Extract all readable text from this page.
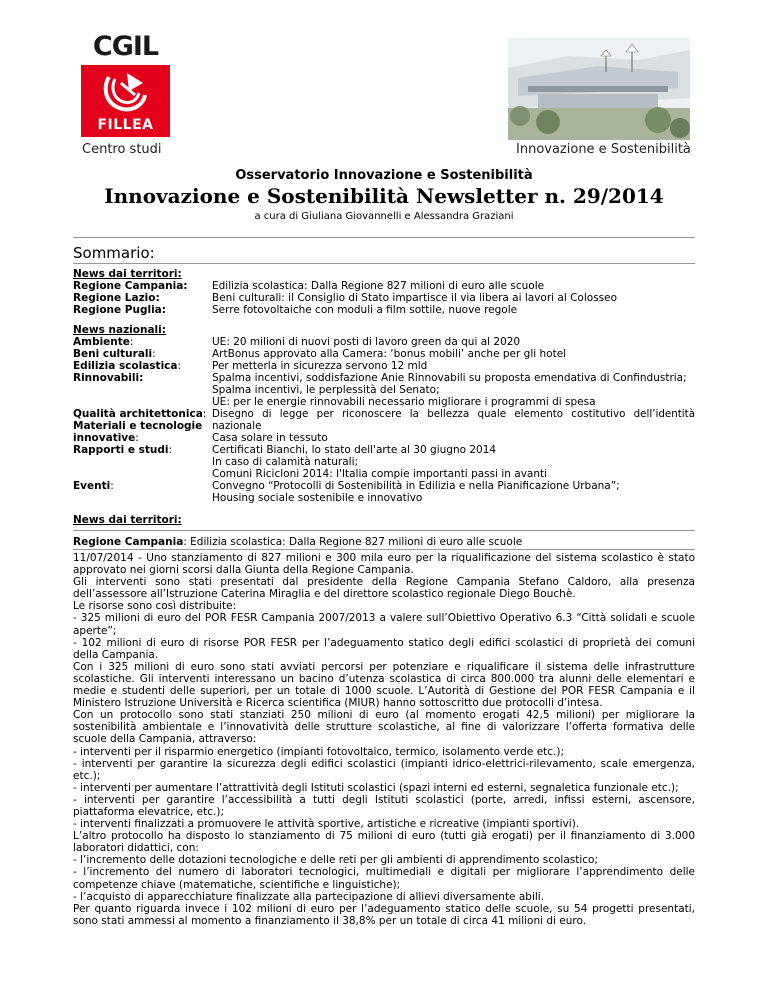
CGIL
FILLEA
Centro studi	Innovazione e Sostenibilità
Osservatorio Innovazione e Sostenibilità
Innovazione e Sostenibilità Newsletter n. 29/2014
a cura di Giuliana Giovannelli e Alessandra Graziani
Sommario:
News dai territori:
Regione Campania: Edilizia scolastica: Dalla Regione 827 milioni di euro alle scuole
Regione Lazio:	Beni culturali: il Consiglio di Stato impartisce il via libera ai lavori al Colosseo
Regione Puglia:	Serre fotovoltaiche con moduli a film sottile, nuove regole
News nazionali:
Ambiente:	UE: 20 milioni di nuovi posti di lavoro green da qui al 2020
Beni culturali:	ArtBonus approvato alla Camera: ‘bonus mobili’ anche per gli hotel
Edilizia scolastica:	Per metterla in sicurezza servono 12 mld
Rinnovabili:	Spalma incentivi, soddisfazione Anie Rinnovabili su proposta emendativa di Confindustria;
Spalma incentivi, le perplessità del Senato;
UE: per le energie rinnovabili necessario migliorare i programmi di spesa
Qualità architettonica: Disegno di legge per riconoscere la bellezza quale elemento costitutivo dell’identità nazionale
Materiali e tecnologie
innovative:	Casa solare in tessuto
Rapporti e studi:	Certificati Bianchi, lo stato dell'arte al 30 giugno 2014
In caso di calamità naturali;
Comuni Ricicloni 2014: l'Italia compie importanti passi in avanti
Eventi:	Convegno “Protocolli di Sostenibilità in Edilizia e nella Pianificazione Urbana”;
Housing sociale sostenibile e innovativo
News dai territori:
Regione Campania: Edilizia scolastica: Dalla Regione 827 milioni di euro alle scuole

11/07/2014 - Uno stanziamento di 827 milioni e 300 mila euro per la riqualificazione del sistema scolastico è stato approvato nei giorni scorsi dalla Giunta della Regione Campania.

Gli interventi sono stati presentati dal presidente della Regione Campania Stefano Caldoro, alla presenza dell’assessore all’Istruzione Caterina Miraglia e del direttore scolastico regionale Diego Bouchè.

Le risorse sono così distribuite:

- 325 milioni di euro del POR FESR Campania 2007/2013 a valere sull’Obiettivo Operativo 6.3 “Città solidali e scuole aperte”;

- 102 milioni di euro di risorse POR FESR per l’adeguamento statico degli edifici scolastici di proprietà dei comuni della Campania.

Con i 325 milioni di euro sono stati avviati percorsi per potenziare e riqualificare il sistema delle infrastrutture scolastiche. Gli interventi interessano un bacino d’utenza scolastica di circa 800.000 tra alunni delle elementari e medie e studenti delle superiori, per un totale di 1000 scuole. L’Autorità di Gestione del POR FESR Campania e il Ministero Istruzione Università e Ricerca scientifica (MIUR) hanno sottoscritto due protocolli d’intesa.

Con un protocollo sono stati stanziati 250 milioni di euro (al momento erogati 42,5 milioni) per migliorare la sostenibilità ambientale e l’innovatività delle strutture scolastiche, al fine di valorizzare l’offerta formativa delle scuole della Campania, attraverso:

- interventi per il risparmio energetico (impianti fotovoltaico, termico, isolamento verde etc.);

- interventi per garantire la sicurezza degli edifici scolastici (impianti idrico-elettrici-rilevamento, scale emergenza, etc.);

- interventi per aumentare l’attrattività degli Istituti scolastici (spazi interni ed esterni, segnaletica funzionale etc.);

- interventi per garantire l’accessibilità a tutti degli Istituti scolastici (porte, arredi, infissi esterni, ascensore, piattaforma elevatrice, etc.);

- interventi finalizzati a promuovere le attività sportive, artistiche e ricreative (impianti sportivi).

L’altro protocollo ha disposto lo stanziamento di 75 milioni di euro (tutti già erogati) per il finanziamento di 3.000 laboratori didattici, con:

- l’incremento delle dotazioni tecnologiche e delle reti per gli ambienti di apprendimento scolastico;

- l’incremento del numero di laboratori tecnologici, multimediali e digitali per migliorare l’apprendimento delle competenze chiave (matematiche, scientifiche e linguistiche);

- l’acquisto di apparecchiature finalizzate alla partecipazione di allievi diversamente abili.

Per quanto riguarda invece i 102 milioni di euro per l’adeguamento statico delle scuole, su 54 progetti presentati, sono stati ammessi al momento a finanziamento il 38,8% per un totale di circa 41 milioni di euro.
